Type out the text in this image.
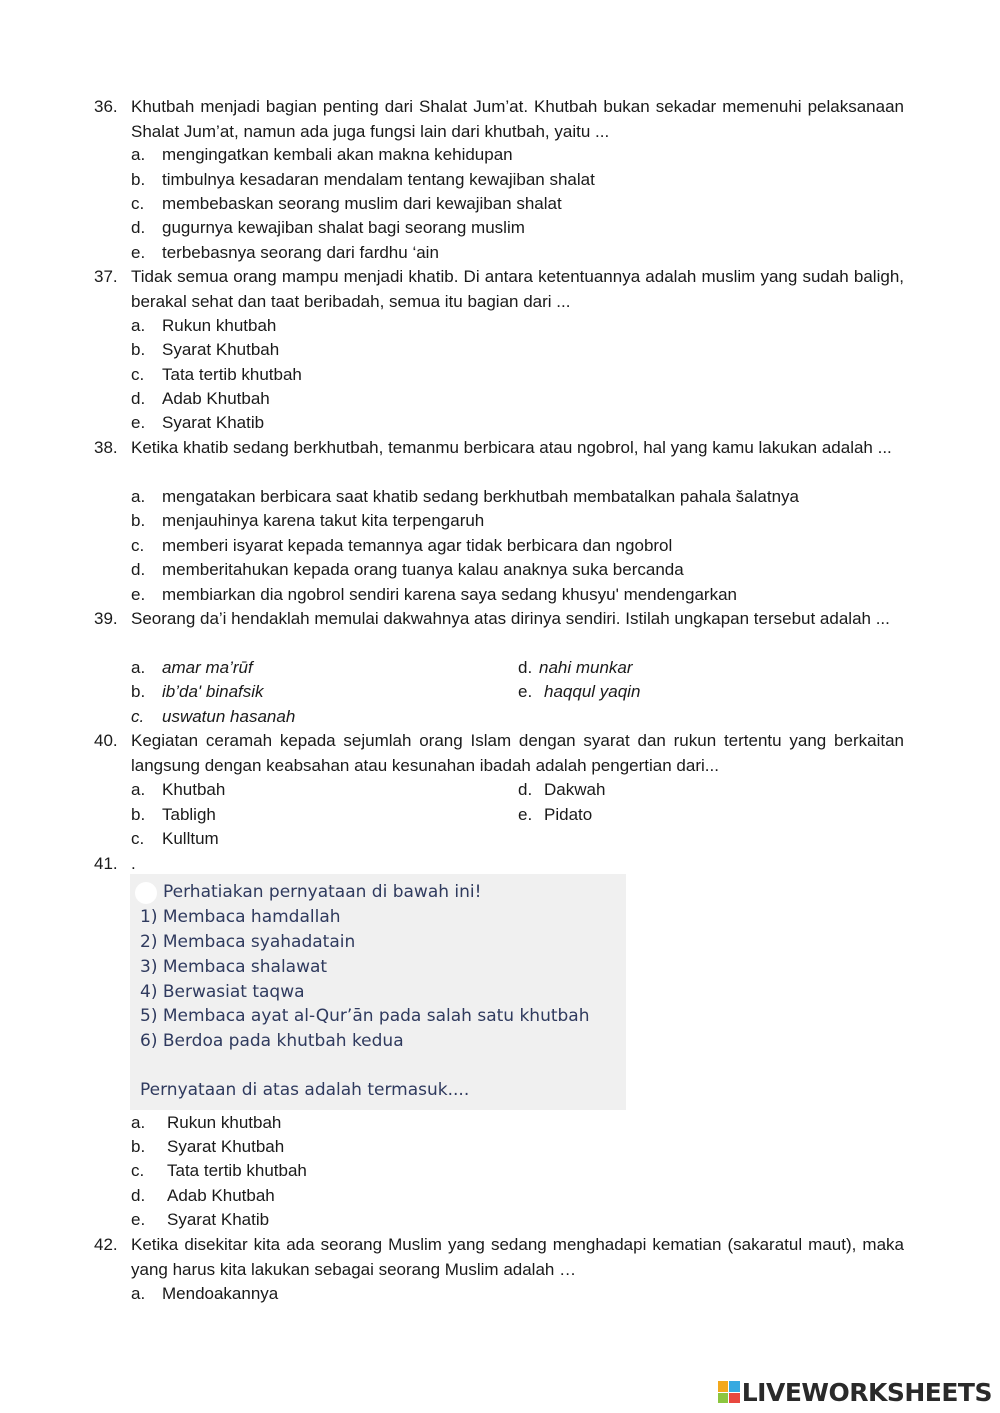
36. Khutbah menjadi bagian penting dari Shalat Jum’at. Khutbah bukan sekadar memenuhi pelaksanaan Shalat Jum’at, namun ada juga fungsi lain dari khutbah, yaitu ...
a. mengingatkan kembali akan makna kehidupan
b. timbulnya kesadaran mendalam tentang kewajiban shalat
c. membebaskan seorang muslim dari kewajiban shalat
d. gugurnya kewajiban shalat bagi seorang muslim
e. terbebasnya seorang dari fardhu ‘ain
37. Tidak semua orang mampu menjadi khatib. Di antara ketentuannya adalah muslim yang sudah baligh, berakal sehat dan taat beribadah, semua itu bagian dari ...
a. Rukun khutbah
b. Syarat Khutbah
c. Tata tertib khutbah
d. Adab Khutbah
e. Syarat Khatib
38. Ketika khatib sedang berkhutbah, temanmu berbicara atau ngobrol, hal yang kamu lakukan adalah ...
a. mengatakan berbicara saat khatib sedang berkhutbah membatalkan pahala šalatnya
b. menjauhinya karena takut kita terpengaruh
c. memberi isyarat kepada temannya agar tidak berbicara dan ngobrol
d. memberitahukan kepada orang tuanya kalau anaknya suka bercanda
e. membiarkan dia ngobrol sendiri karena saya sedang khusyu' mendengarkan
39. Seorang da’i hendaklah memulai dakwahnya atas dirinya sendiri. Istilah ungkapan tersebut adalah ...
a. amar ma’rūf
b. ib’da' binafsik
c. uswatun hasanah
d. nahi munkar
e. haqqul yaqin
40. Kegiatan ceramah kepada sejumlah orang Islam dengan syarat dan rukun tertentu yang berkaitan langsung dengan keabsahan atau kesunahan ibadah adalah pengertian dari...
a. Khutbah
b. Tabligh
c. Kulltum
d. Dakwah
e. Pidato
41. .
Perhatiakan pernyataan di bawah ini!
1) Membaca hamdallah
2) Membaca syahadatain
3) Membaca shalawat
4) Berwasiat taqwa
5) Membaca ayat al-Qur’ān pada salah satu khutbah
6) Berdoa pada khutbah kedua
Pernyataan di atas adalah termasuk....
a. Rukun khutbah
b. Syarat Khutbah
c. Tata tertib khutbah
d. Adab Khutbah
e. Syarat Khatib
42. Ketika disekitar kita ada seorang Muslim yang sedang menghadapi kematian (sakaratul maut), maka yang harus kita lakukan sebagai seorang Muslim adalah …
a. Mendoakannya
LIVEWORKSHEETS
